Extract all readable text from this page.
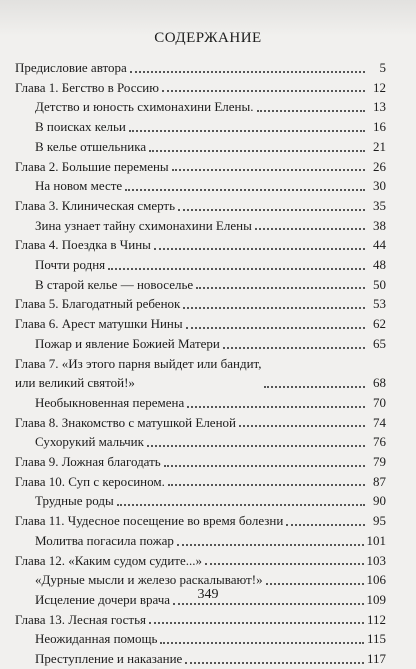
СОДЕРЖАНИЕ
Предисловие автора	5
Глава 1. Бегство в Россию	12
Детство и юность схимонахини Елены.	13
В поисках кельи	16
В келье отшельника	21
Глава 2. Большие перемены	26
На новом месте	30
Глава 3. Клиническая смерть	35
Зина узнает тайну схимонахини Елены	38
Глава 4. Поездка в Чины	44
Почти родня	48
В старой келье — новоселье	50
Глава 5. Благодатный ребенок	53
Глава 6. Арест матушки Нины	62
Пожар и явление Божией Матери	65
Глава 7. «Из этого парня выйдет или бандит,
или великий святой!»	68
Необыкновенная перемена	70
Глава 8. Знакомство с матушкой Еленой	74
Сухорукий мальчик	76
Глава 9. Ложная благодать	79
Глава 10. Суп с керосином.	87
Трудные роды	90
Глава 11. Чудесное посещение во время болезни	95
Молитва погасила пожар	101
Глава 12. «Каким судом судите...»	103
«Дурные мысли и железо раскалывают!»	106
Исцеление дочери врача	109
Глава 13. Лесная гостья	112
Неожиданная помощь	115
Преступление и наказание	117
349
